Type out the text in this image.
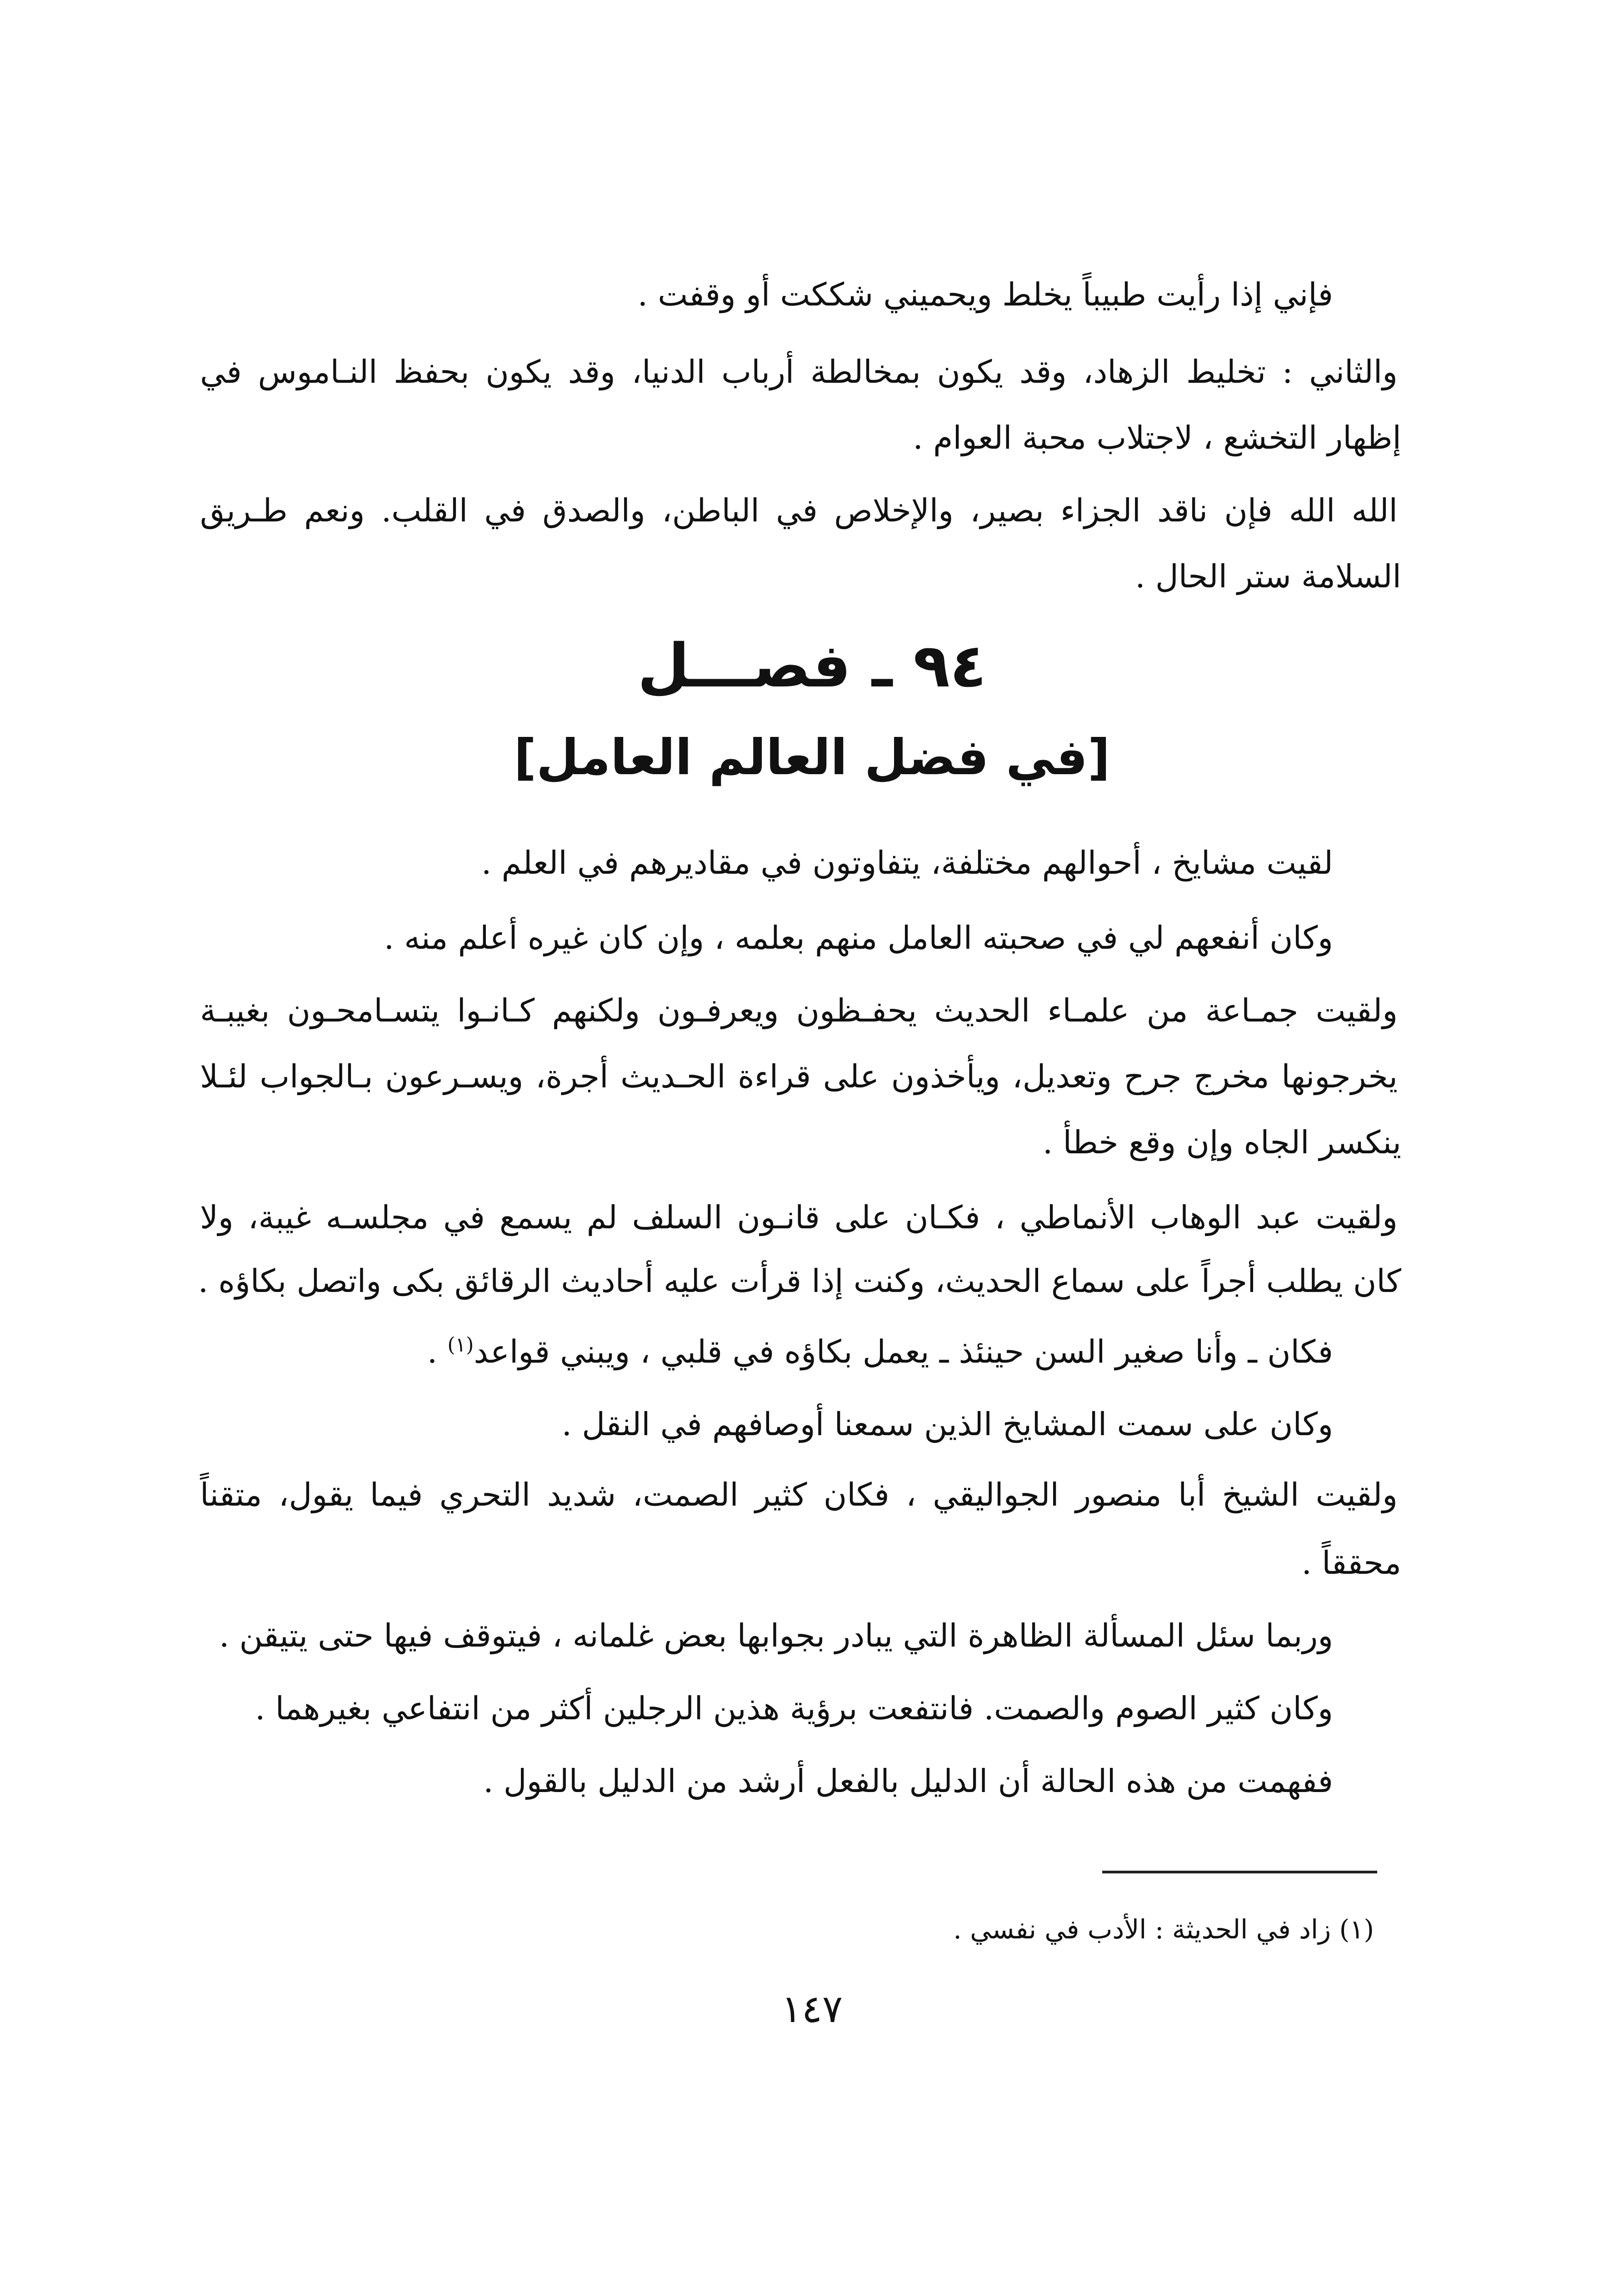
فإني إذا رأيت طبيباً يخلط ويحميني شككت أو وقفت .

والثاني : تخليط الزهاد، وقد يكون بمخالطة أرباب الدنيا، وقد يكون بحفظ النـاموس في
إظهار التخشع ، لاجتلاب محبة العوام .
الله الله فإن ناقد الجزاء بصير، والإخلاص في الباطن، والصدق في القلب. ونعم طـريق
السلامة ستر الحال .
٩٤ ـ فصـــل
[في فضل العالم العامل]
لقيت مشايخ ، أحوالهم مختلفة، يتفاوتون في مقاديرهم في العلم .
وكان أنفعهم لي في صحبته العامل منهم بعلمه ، وإن كان غيره أعلم منه .
ولقيت جمـاعة من علمـاء الحديث يحفـظون ويعرفـون ولكنهم كـانـوا يتسـامحـون بغيبـة
يخرجونها مخرج جرح وتعديل، ويأخذون على قراءة الحـديث أجرة، ويسـرعون بـالجواب لئـلا
ينكسر الجاه وإن وقع خطأ .
ولقيت عبد الوهاب الأنماطي ، فكـان على قانـون السلف لم يسمع في مجلسـه غيبة، ولا
كان يطلب أجراً على سماع الحديث، وكنت إذا قرأت عليه أحاديث الرقائق بكى واتصل بكاؤه .
فكان ـ وأنا صغير السن حينئذ ـ يعمل بكاؤه في قلبي ، ويبني قواعد$^{(١)}$ .
وكان على سمت المشايخ الذين سمعنا أوصافهم في النقل .
ولقيت الشيخ أبا منصور الجواليقي ، فكان كثير الصمت، شديد التحري فيما يقول، متقناً
محققاً .
وربما سئل المسألة الظاهرة التي يبادر بجوابها بعض غلمانه ، فيتوقف فيها حتى يتيقن .
وكان كثير الصوم والصمت. فانتفعت برؤية هذين الرجلين أكثر من انتفاعي بغيرهما .
ففهمت من هذه الحالة أن الدليل بالفعل أرشد من الدليل بالقول .
(١) زاد في الحديثة : الأدب في نفسي .
١٤٧
